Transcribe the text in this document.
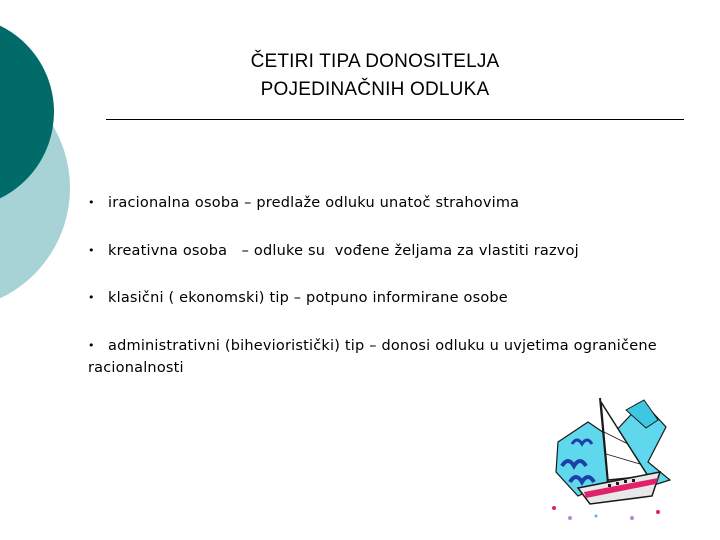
ČETIRI TIPA DONOSITELJA
POJEDINAČNIH ODLUKA
• iracionalna osoba – predlaže odluku unatoč strahovima
• kreativna osoba   – odluke su  vođene željama za vlastiti razvoj
• klasični ( ekonomski) tip – potpuno informirane osobe
• administrativni (bihevioristički) tip – donosi odluku u uvjetima ograničene racionalnosti
